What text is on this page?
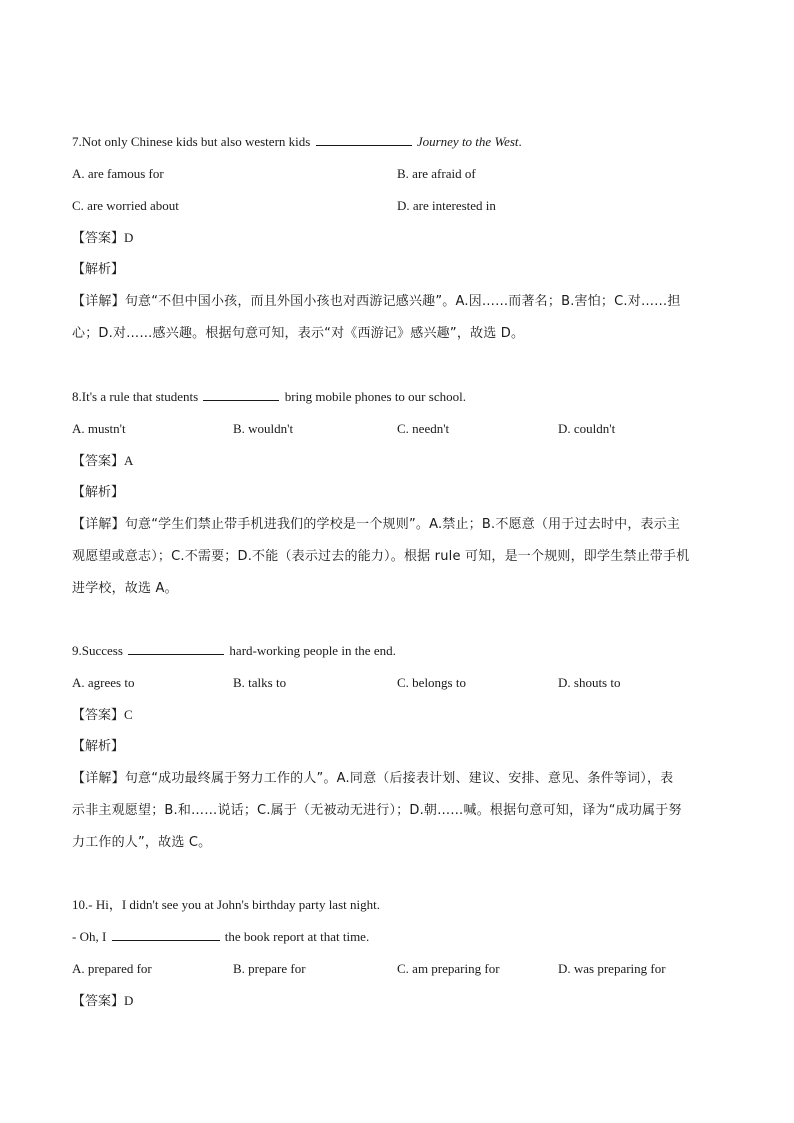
7.Not only Chinese kids but also western kids	Journey to the West.
A. are famous for	B. are afraid of
C. are worried about	D. are interested in
【答案】D
【解析】
【详解】句意“不但中国小孩，而且外国小孩也对西游记感兴趣”。A.因……而著名；B.害怕；C.对……担
心；D.对……感兴趣。根据句意可知，表示“对《西游记》感兴趣”，故选 D。
8.It's a rule that students	bring mobile phones to our school.
A. mustn't	B. wouldn't	C. needn't	D. couldn't
【答案】A
【解析】
【详解】句意“学生们禁止带手机进我们的学校是一个规则”。A.禁止；B.不愿意（用于过去时中，表示主
观愿望或意志）；C.不需要；D.不能（表示过去的能力）。根据 rule 可知，是一个规则，即学生禁止带手机
进学校，故选 A。
9.Success	hard-working people in the end.
A. agrees to	B. talks to	C. belongs to	D. shouts to
【答案】C
【解析】
【详解】句意“成功最终属于努力工作的人”。A.同意（后接表计划、建议、安排、意见、条件等词），表
示非主观愿望；B.和……说话；C.属于（无被动无进行）；D.朝……喊。根据句意可知，译为“成功属于努
力工作的人”，故选 C。
10.- Hi，I didn't see you at John's birthday party last night.
- Oh, I	the book report at that time.
A. prepared for	B. prepare for	C. am preparing for	D. was preparing for
【答案】D
